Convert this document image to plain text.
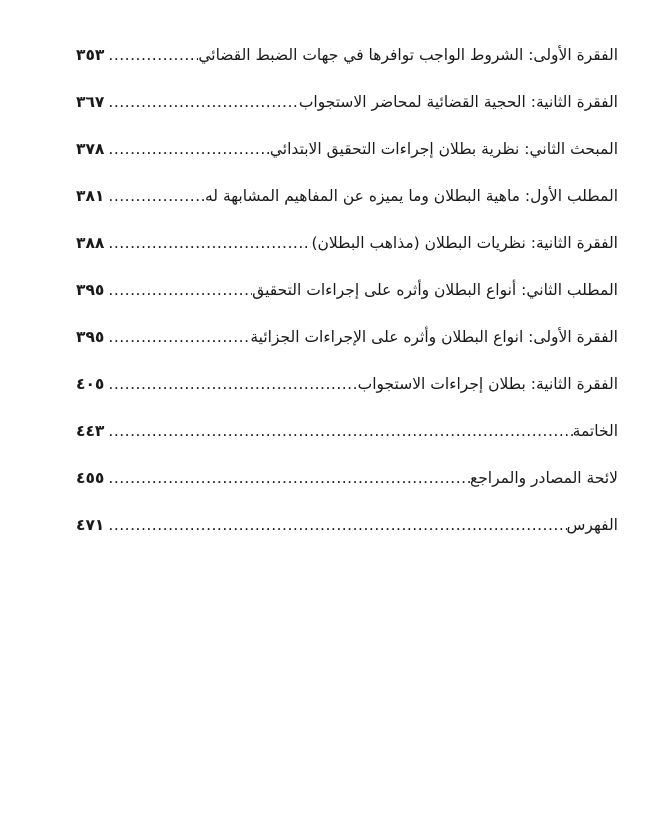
الفقرة الأولى: الشروط الواجب توافرها في جهات الضبط القضائي
.....
٣٥٣
الفقرة الثانية: الحجية القضائية لمحاضر الاستجواب
.....
٣٦٧
المبحث الثاني: نظرية بطلان إجراءات التحقيق الابتدائي
.....
٣٧٨
المطلب الأول: ماهية البطلان وما يميزه عن المفاهيم المشابهة له
.....
٣٨١
الفقرة الثانية: نظريات البطلان (مذاهب البطلان)
.....
٣٨٨
المطلب الثاني: أنواع البطلان وأثره على إجراءات التحقيق
.....
٣٩٥
الفقرة الأولى: انواع البطلان وأثره على الإجراءات الجزائية
.....
٣٩٥
الفقرة الثانية: بطلان إجراءات الاستجواب
.....
٤٠٥
الخاتمة
.....
٤٤٣
لائحة المصادر والمراجع
.....
٤٥٥
الفهرس
.....
٤٧١
